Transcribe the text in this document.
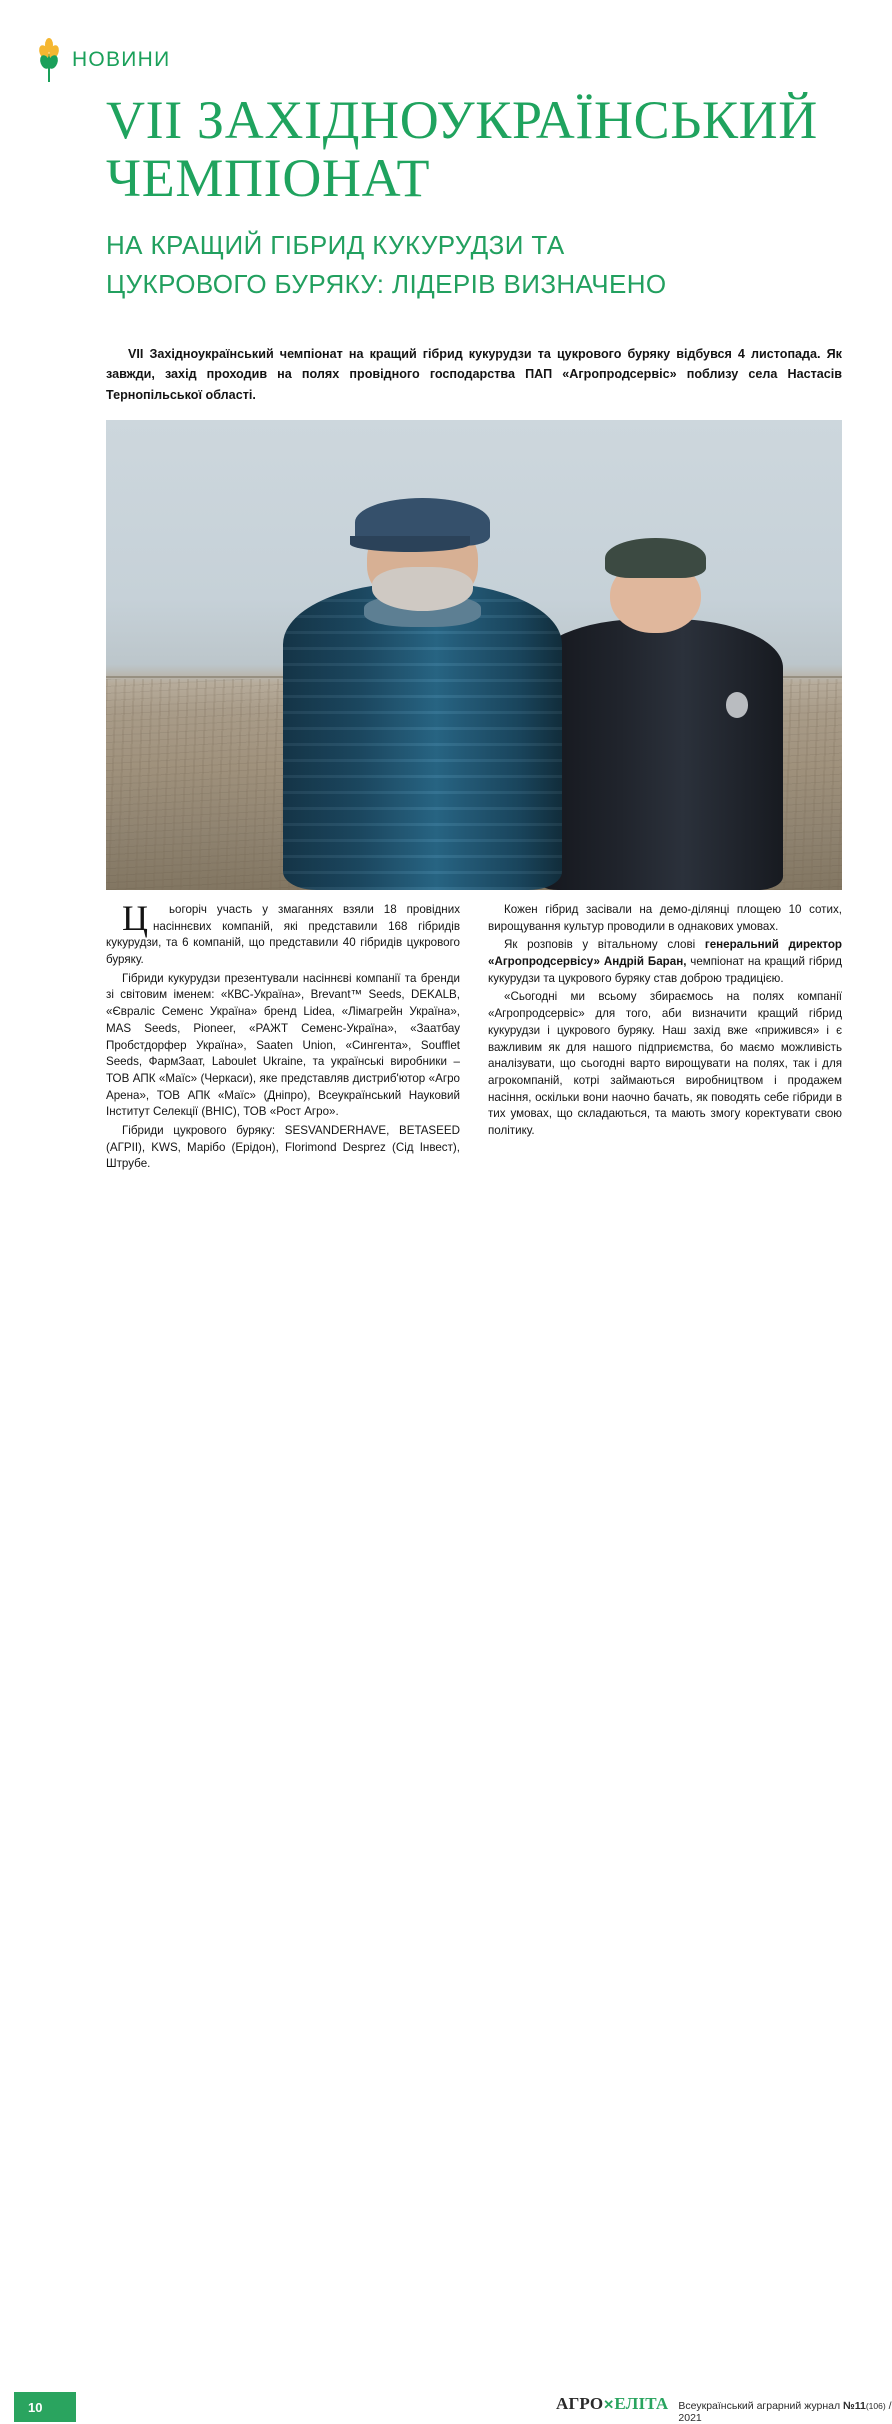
НОВИНИ
VII ЗАХІДНОУКРАЇНСЬКИЙ ЧЕМПІОНАТ
НА КРАЩИЙ ГІБРИД КУКУРУДЗИ ТА
ЦУКРОВОГО БУРЯКУ: ЛІДЕРІВ ВИЗНАЧЕНО
VII Західноукраїнський чемпіонат на кращий гібрид кукурудзи та цукрового буряку відбувся 4 листопада. Як завжди, захід проходив на полях провідного господарства ПАП «Агропродсервіс» поблизу села Настасів Тернопільської області.

Ц	ьогоріч участь у змаганнях взяли 18 провідних насіннєвих компаній, які представили 168 гібридів кукурудзи, та 6 компаній, що представили 40 гібридів цукрового буряку.

Гібриди кукурудзи презентували насіннєві компанії та бренди зі світовим іменем: «КВС-Україна», Brevant™ Seeds, DEKALB, «Євраліс Семенс Україна» бренд Lidea, «Лімагрейн Україна», MAS Seeds, Pioneer, «РАЖТ Семенс-Україна», «Заатбау Пробстдорфер Україна», Saaten Union, «Сингента», Soufflet Seeds, ФармЗаат, Laboulet Ukraine, та українські виробники – ТОВ АПК «Маїс» (Черкаси), яке представляв дистриб'ютор «Агро Арена», ТОВ АПК «Маїс» (Дніпро), Всеукраїнський Науковий Інститут Селекції (ВНІС), ТОВ «Рост Агро».

Гібриди цукрового буряку: SESVANDERHAVE, BETASEED (АГРІІ), KWS, Марібо (Ерідон), Florimond Desprez (Сід Інвест), Штрубе.

Кожен гібрид засівали на демо-ділянці площею 10 сотих, вирощування культур проводили в однакових умовах.

Як розповів у вітальному слові генеральний директор «Агропродсервісу» Андрій Баран, чемпіонат на кращий гібрид кукурудзи та цукрового буряку став доброю традицією.

«Сьогодні ми всьому збираємось на полях компанії «Агропродсервіс» для того, аби визначити кращий гібрид кукурудзи і цукрового буряку. Наш захід вже «прижився» і є важливим як для нашого підприємства, бо маємо можливість аналізувати, що сьогодні варто вирощувати на полях, так і для агрокомпаній, котрі займаються виробництвом і продажем насіння, оскільки вони наочно бачать, як поводять себе гібриди в тих умовах, що складаються, та мають змогу коректувати свою політику.

10	АГРО✕ЕЛІТА Всеукраїнський аграрний журнал №11(106) / 2021
